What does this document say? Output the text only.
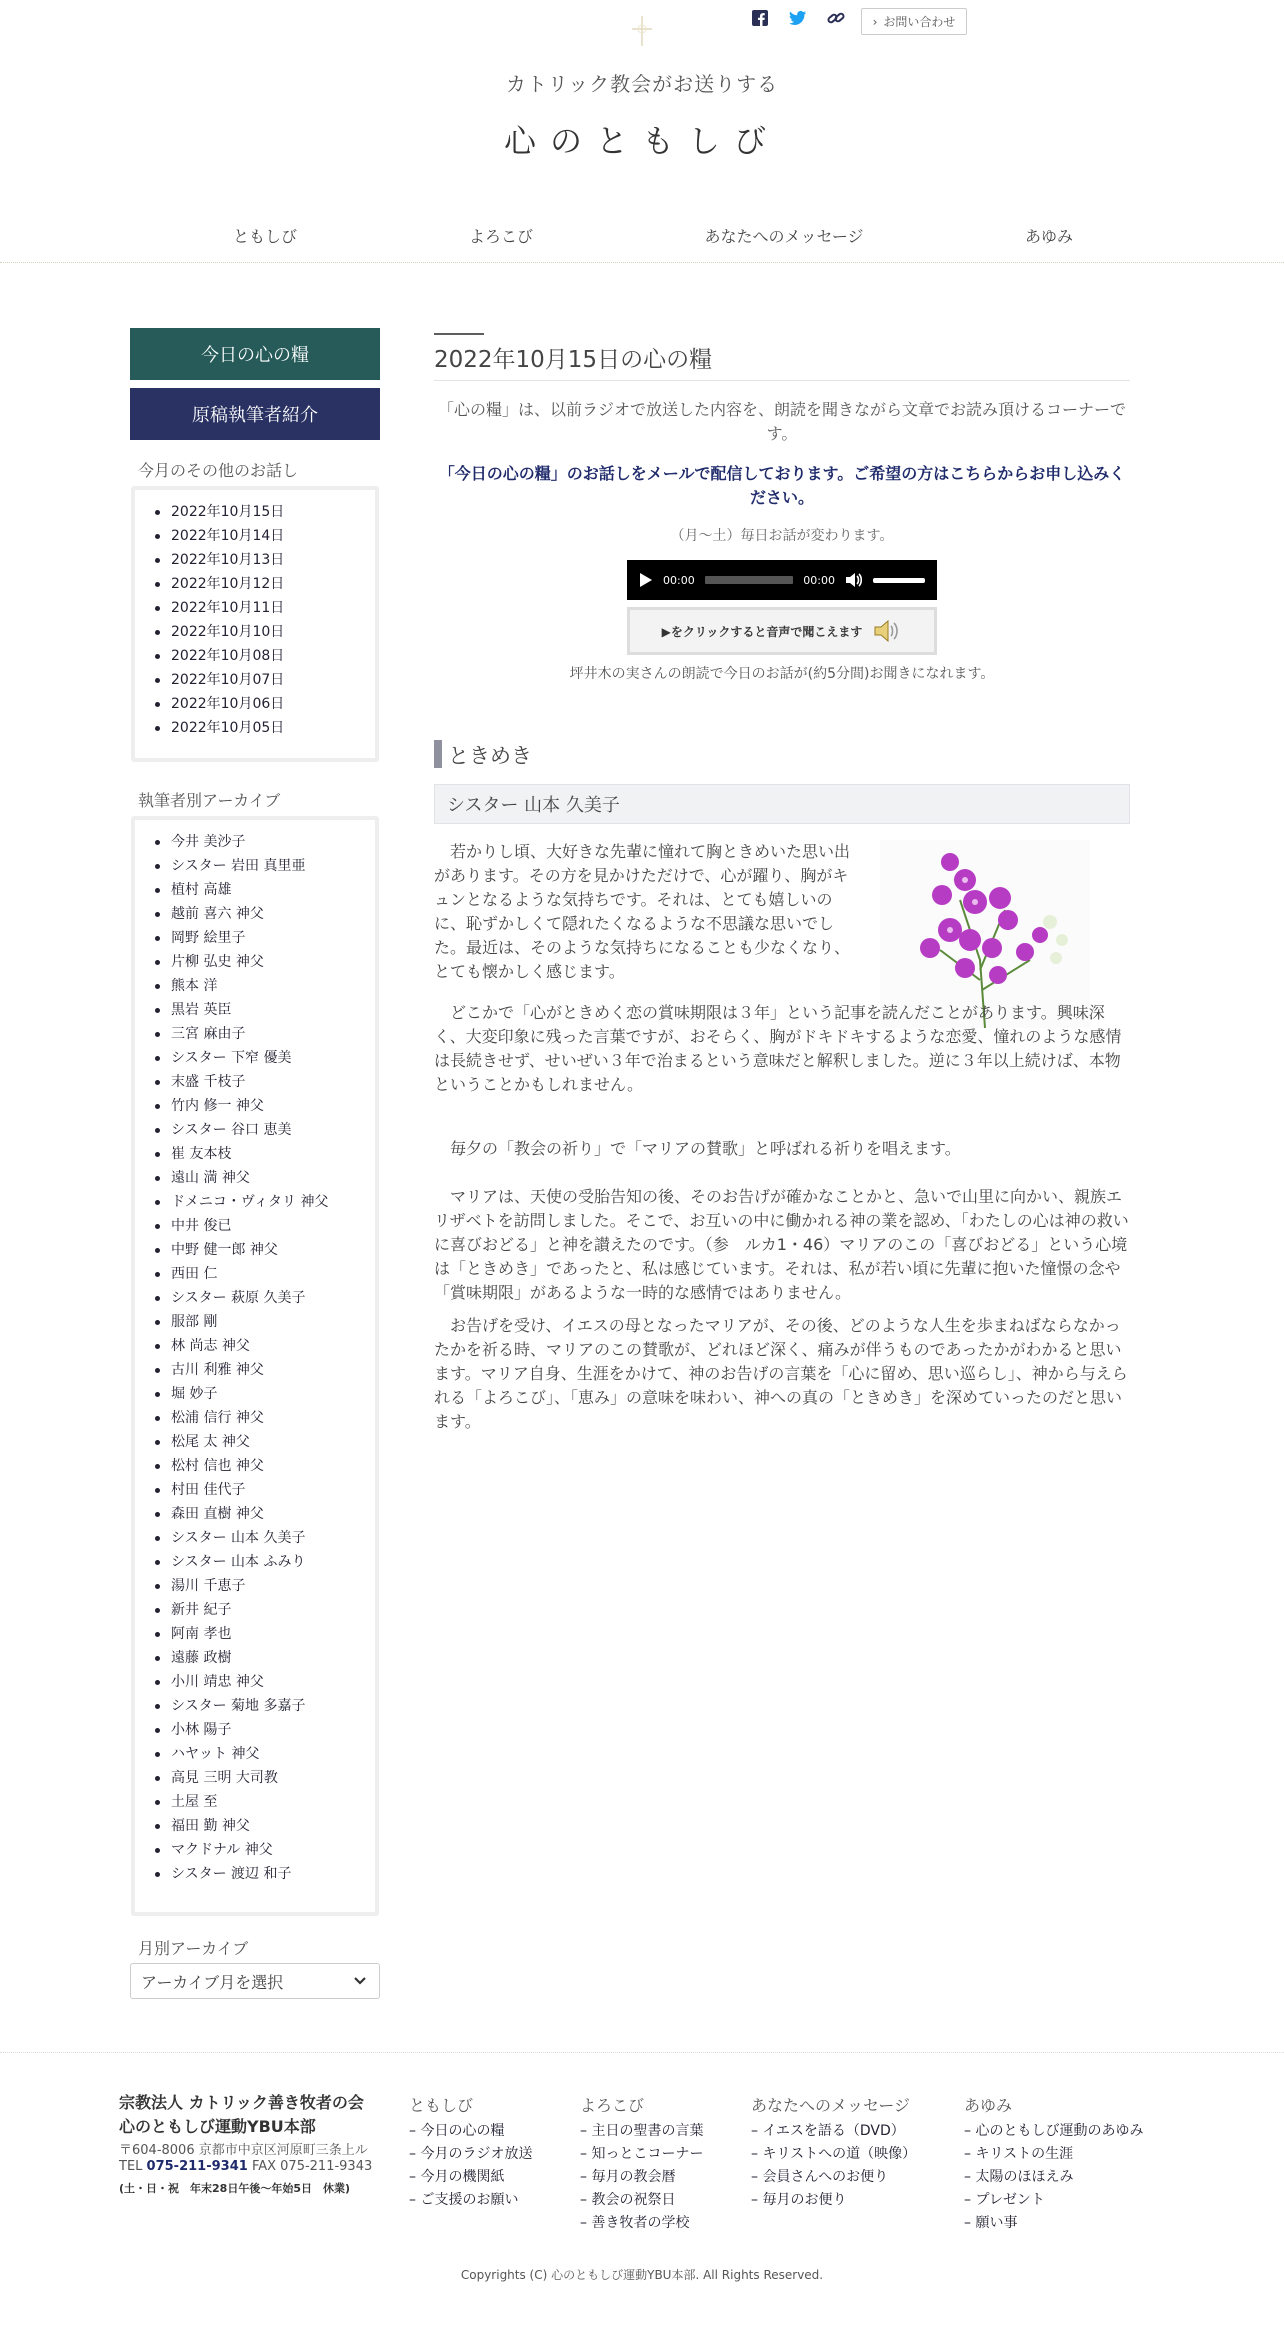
› お問い合わせ
カトリック教会がお送りする
心のともしび
ともしび	よろこび	あなたへのメッセージ	あゆみ
今日の心の糧
原稿執筆者紹介
今月のその他のお話し
2022年10月15日
2022年10月14日
2022年10月13日
2022年10月12日
2022年10月11日
2022年10月10日
2022年10月08日
2022年10月07日
2022年10月06日
2022年10月05日
執筆者別アーカイブ
今井 美沙子
シスター 岩田 真里亜
植村 高雄
越前 喜六 神父
岡野 絵里子
片柳 弘史 神父
熊本 洋
黒岩 英臣
三宮 麻由子
シスター 下窄 優美
末盛 千枝子
竹内 修一 神父
シスター 谷口 恵美
崔 友本枝
遠山 満 神父
ドメニコ・ヴィタリ 神父
中井 俊已
中野 健一郎 神父
西田 仁
シスター 萩原 久美子
服部 剛
林 尚志 神父
古川 利雅 神父
堀 妙子
松浦 信行 神父
松尾 太 神父
松村 信也 神父
村田 佳代子
森田 直樹 神父
シスター 山本 久美子
シスター 山本 ふみり
湯川 千恵子
新井 紀子
阿南 孝也
遠藤 政樹
小川 靖忠 神父
シスター 菊地 多嘉子
小林 陽子
ハヤット 神父
高見 三明 大司教
土屋 至
福田 勤 神父
マクドナル 神父
シスター 渡辺 和子
月別アーカイブ
アーカイブ月を選択
2022年10月15日の心の糧

「心の糧」は、以前ラジオで放送した内容を、朗読を聞きながら文章でお読み頂けるコーナーです。

「今日の心の糧」のお話しをメールで配信しております。ご希望の方はこちらからお申し込みください。

（月～土）毎日お話が変わります。

00:00	00:00
▶をクリックすると音声で聞こえます

坪井木の実さんの朗読で今日のお話が(約5分間)お聞きになれます。

ときめき
シスター 山本 久美子

若かりし頃、大好きな先輩に憧れて胸ときめいた思い出があります。その方を見かけただけで、心が躍り、胸がキュンとなるような気持ちです。それは、とても嬉しいのに、恥ずかしくて隠れたくなるような不思議な思いでした。最近は、そのような気持ちになることも少なくなり、とても懐かしく感じます。

どこかで「心がときめく恋の賞味期限は３年」という記事を読んだことがあります。興味深く、大変印象に残った言葉ですが、おそらく、胸がドキドキするような恋愛、憧れのような感情は長続きせず、せいぜい３年で治まるという意味だと解釈しました。逆に３年以上続けば、本物ということかもしれません。

毎夕の「教会の祈り」で「マリアの賛歌」と呼ばれる祈りを唱えます。

マリアは、天使の受胎告知の後、そのお告げが確かなことかと、急いで山里に向かい、親族エリザベトを訪問しました。そこで、お互いの中に働かれる神の業を認め、「わたしの心は神の救いに喜びおどる」と神を讃えたのです。（参　ルカ1・46）マリアのこの「喜びおどる」という心境は「ときめき」であったと、私は感じています。それは、私が若い頃に先輩に抱いた憧憬の念や「賞味期限」があるような一時的な感情ではありません。

お告げを受け、イエスの母となったマリアが、その後、どのような人生を歩まねばならなかったかを祈る時、マリアのこの賛歌が、どれほど深く、痛みが伴うものであったかがわかると思います。マリア自身、生涯をかけて、神のお告げの言葉を「心に留め、思い巡らし」、神から与えられる「よろこび」、「恵み」の意味を味わい、神への真の「ときめき」を深めていったのだと思います。

宗教法人 カトリック善き牧者の会
心のともしび運動YBU本部
〒604-8006 京都市中京区河原町三条上ル
TEL 075-211-9341 FAX 075-211-9343
(土・日・祝　年末28日午後〜年始5日　休業)
ともしび
– 今日の心の糧
– 今月のラジオ放送
– 今月の機関紙
– ご支援のお願い
よろこび
– 主日の聖書の言葉
– 知っとこコーナー
– 毎月の教会暦
– 教会の祝祭日
– 善き牧者の学校
あなたへのメッセージ
– イエスを語る（DVD）
– キリストへの道（映像）
– 会員さんへのお便り
– 毎月のお便り
あゆみ
– 心のともしび運動のあゆみ
– キリストの生涯
– 太陽のほほえみ
– プレゼント
– 願い事
Copyrights (C) 心のともしび運動YBU本部. All Rights Reserved.
